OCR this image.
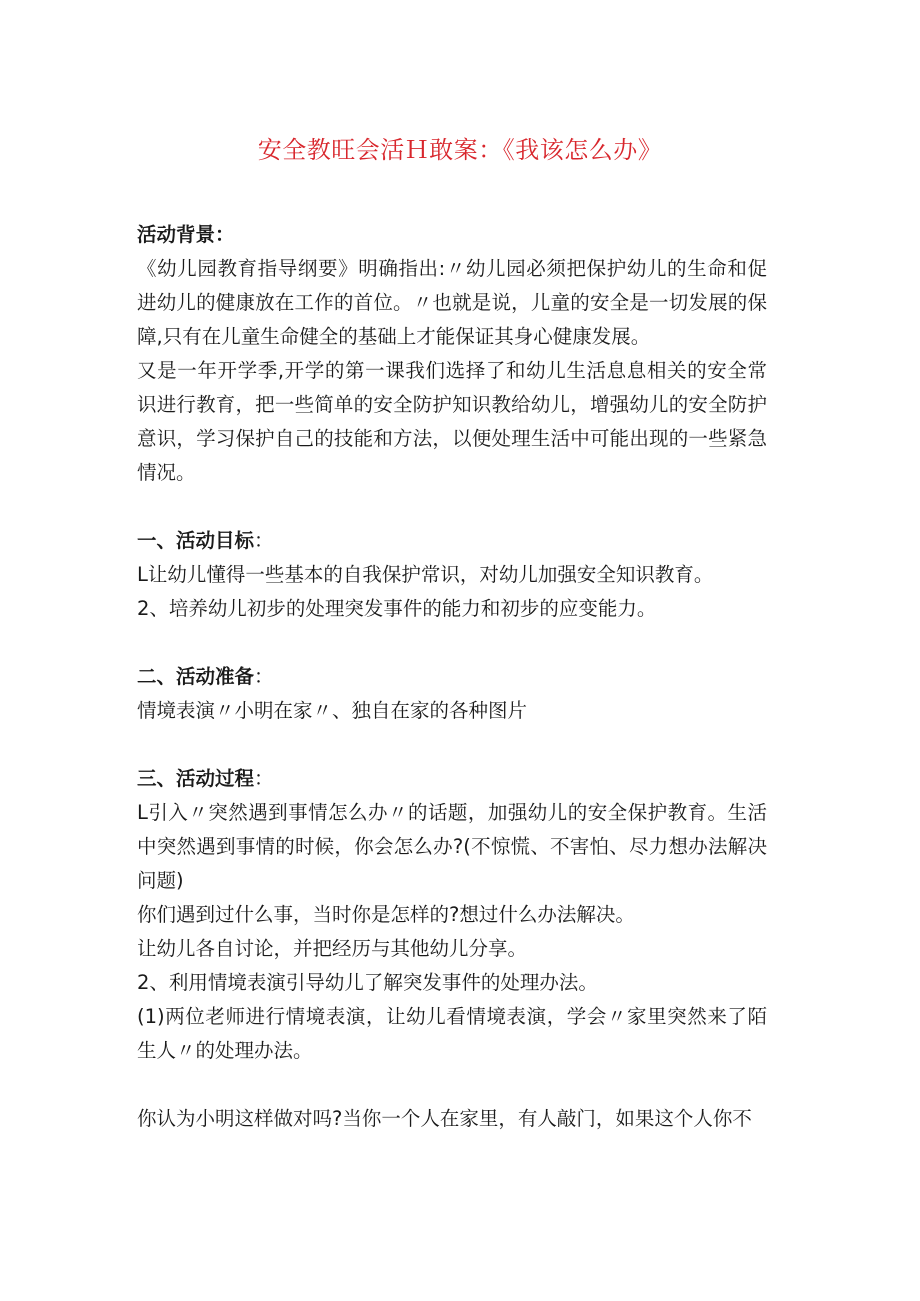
安全教旺会活Ｈ敢案：《我该怎么办》

活动背景：

《幼儿园教育指导纲要》明确指出:〃幼儿园必须把保护幼儿的生命和促进幼儿的健康放在工作的首位。〃也就是说，儿童的安全是一切发展的保障,只有在儿童生命健全的基础上才能保证其身心健康发展。

又是一年开学季,开学的第一课我们选择了和幼儿生活息息相关的安全常识进行教育，把一些简单的安全防护知识教给幼儿，增强幼儿的安全防护意识，学习保护自己的技能和方法，以便处理生活中可能出现的一些紧急情况。

一、活动目标：

L让幼儿懂得一些基本的自我保护常识，对幼儿加强安全知识教育。

2、培养幼儿初步的处理突发事件的能力和初步的应变能力。

二、活动准备：

情境表演〃小明在家〃、独自在家的各种图片

三、活动过程：

L引入〃突然遇到事情怎么办〃的话题，加强幼儿的安全保护教育。生活中突然遇到事情的时候，你会怎么办?(不惊慌、不害怕、尽力想办法解决问题)

你们遇到过什么事，当时你是怎样的?想过什么办法解决。

让幼儿各自讨论，并把经历与其他幼儿分享。

2、利用情境表演引导幼儿了解突发事件的处理办法。

(1)两位老师进行情境表演，让幼儿看情境表演，学会〃家里突然来了陌生人〃的处理办法。

你认为小明这样做对吗?当你一个人在家里，有人敲门，如果这个人你不
